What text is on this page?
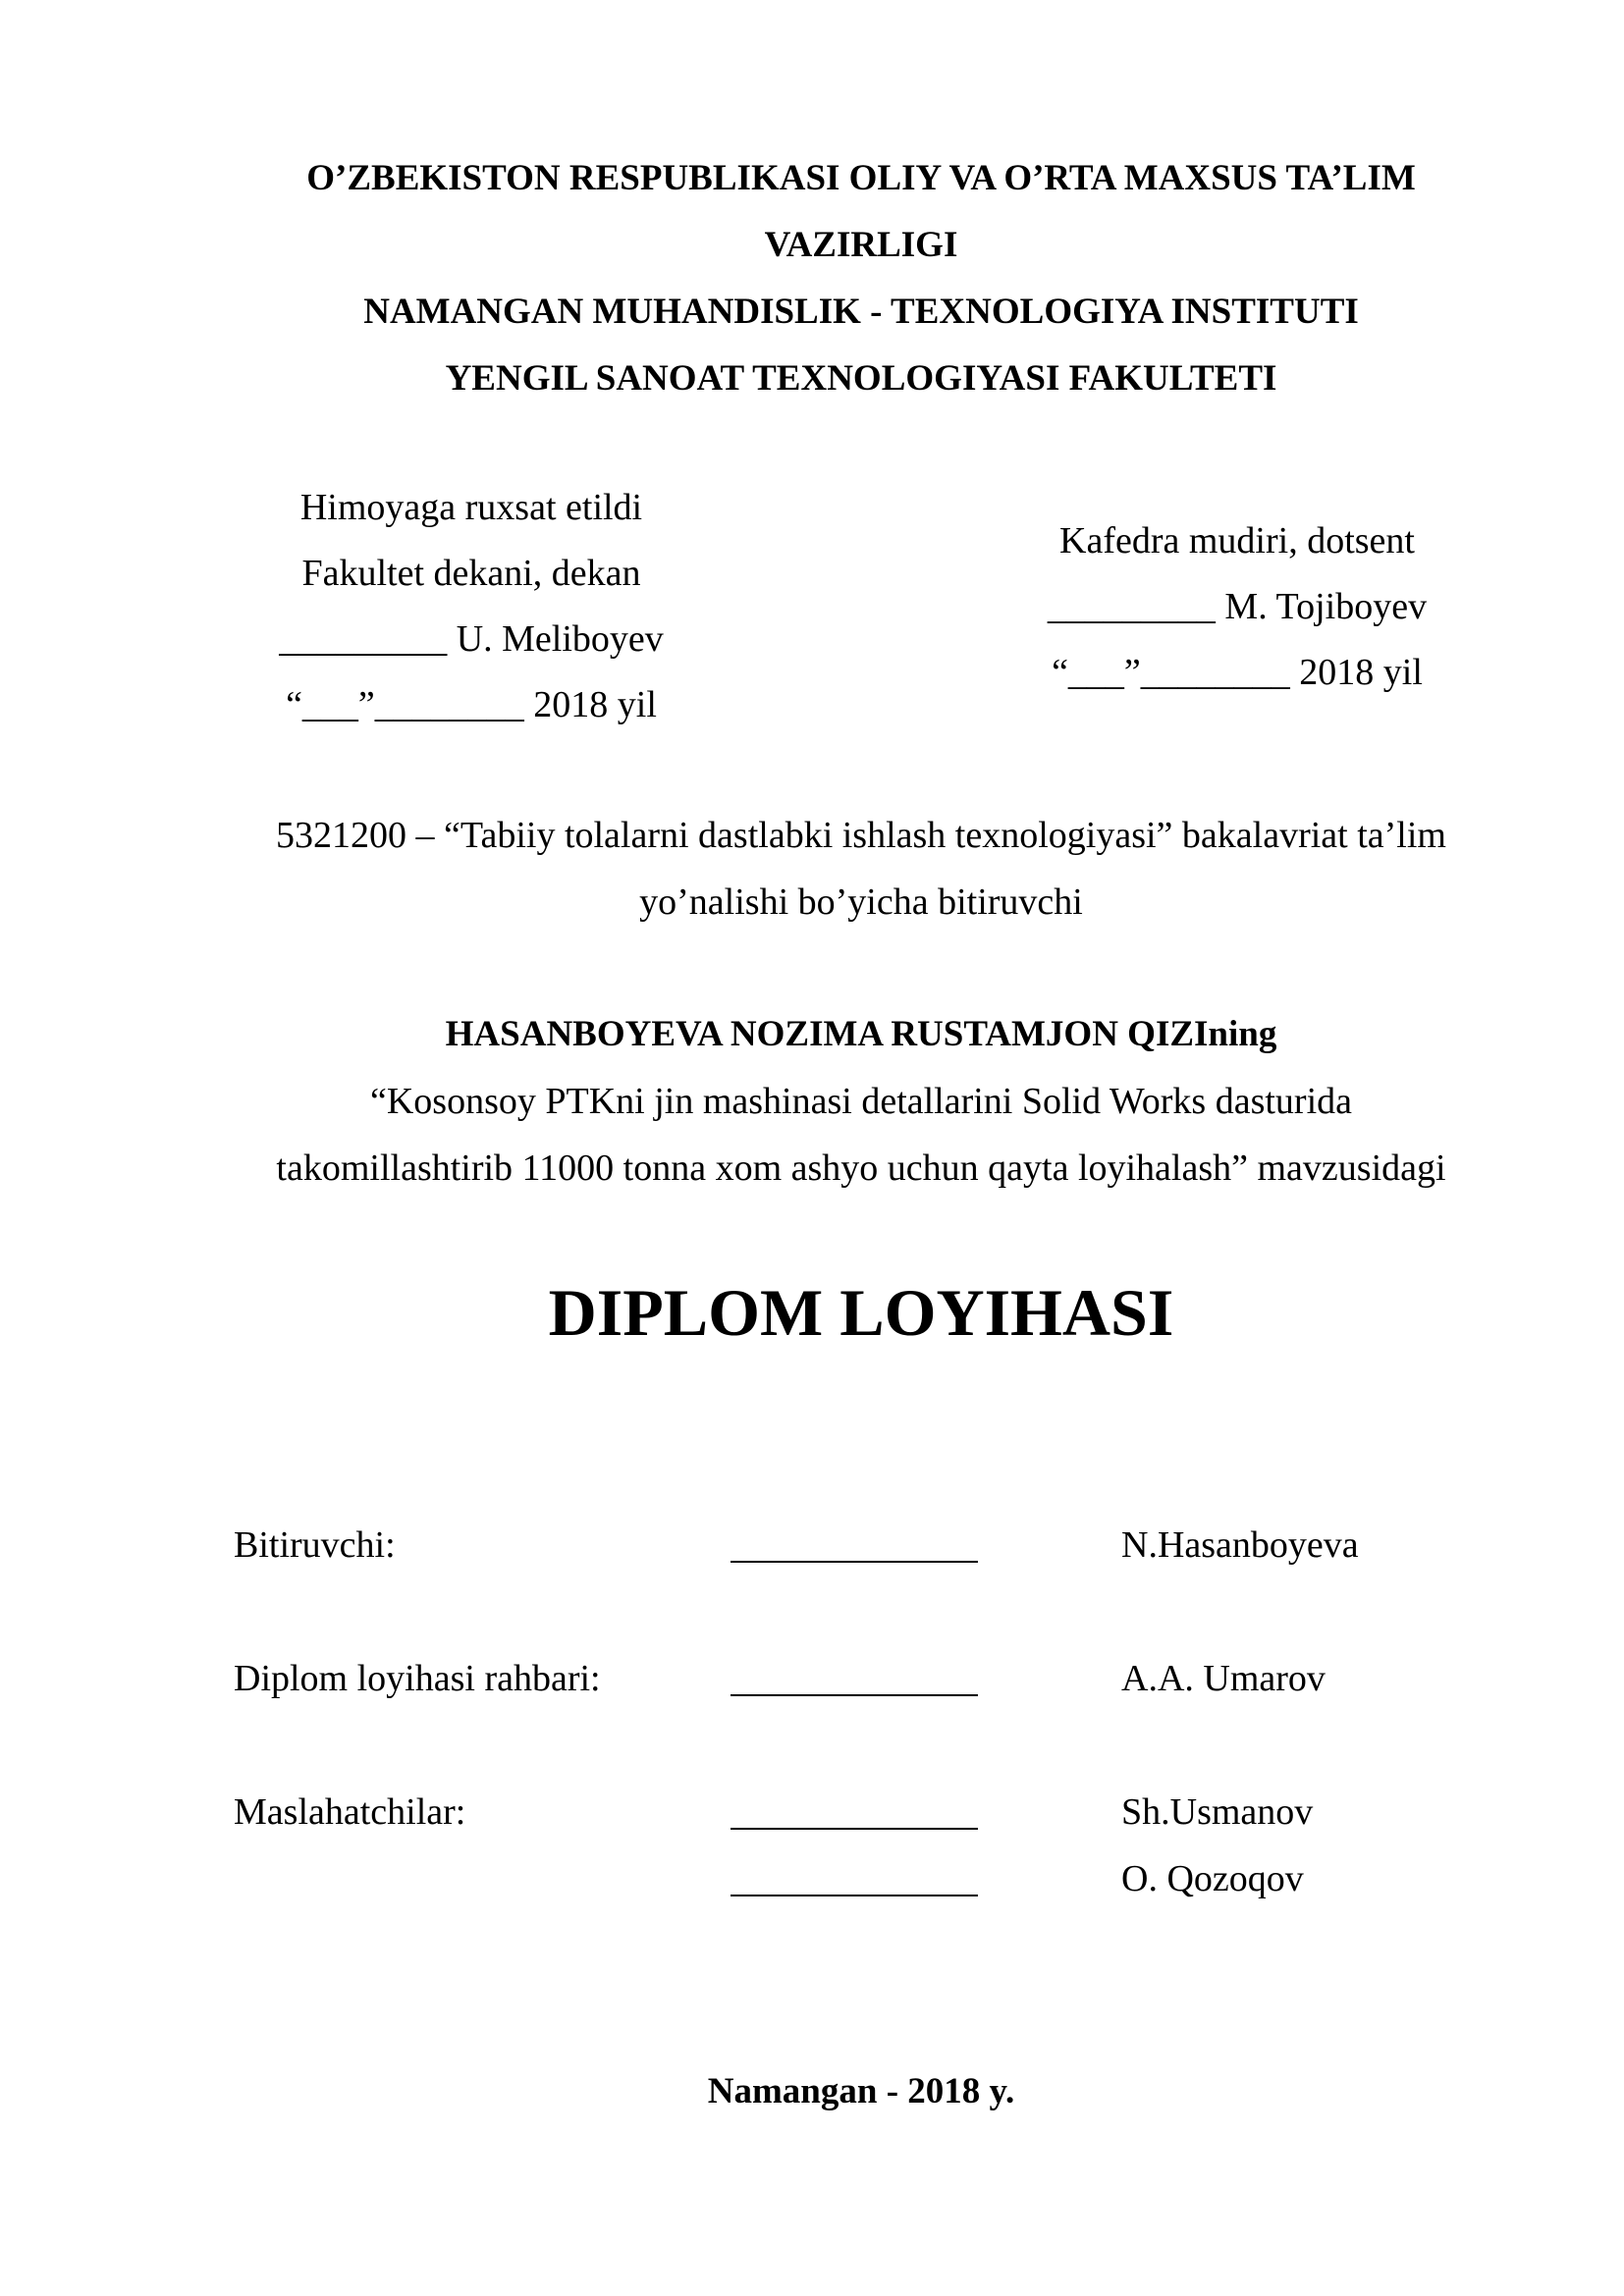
O’ZBEKISTON RESPUBLIKASI OLIY VA O’RTA MAXSUS TA’LIM
VAZIRLIGI
NAMANGAN MUHANDISLIK - TEXNOLOGIYA INSTITUTI
YENGIL SANOAT TEXNOLOGIYASI FAKULTETI
Himoyaga ruxsat etildi
Fakultet dekani, dekan
_________ U. Meliboyev
“___”________ 2018 yil
Kafedra mudiri, dotsent
_________ M. Tojiboyev
“___”________ 2018 yil
5321200 – “Tabiiy tolalarni dastlabki ishlash texnologiyasi” bakalavriat ta’lim
yo’nalishi bo’yicha bitiruvchi
HASANBOYEVA NOZIMA RUSTAMJON QIZIning
“Kosonsoy PTKni jin mashinasi detallarini Solid Works dasturida
takomillashtirib 11000 tonna xom ashyo uchun qayta loyihalash” mavzusidagi
DIPLOM LOYIHASI
Bitiruvchi:	N.Hasanboyeva
Diplom loyihasi rahbari:	A.A. Umarov
Maslahatchilar:	Sh.Usmanov
O. Qozoqov
Namangan - 2018 y.
